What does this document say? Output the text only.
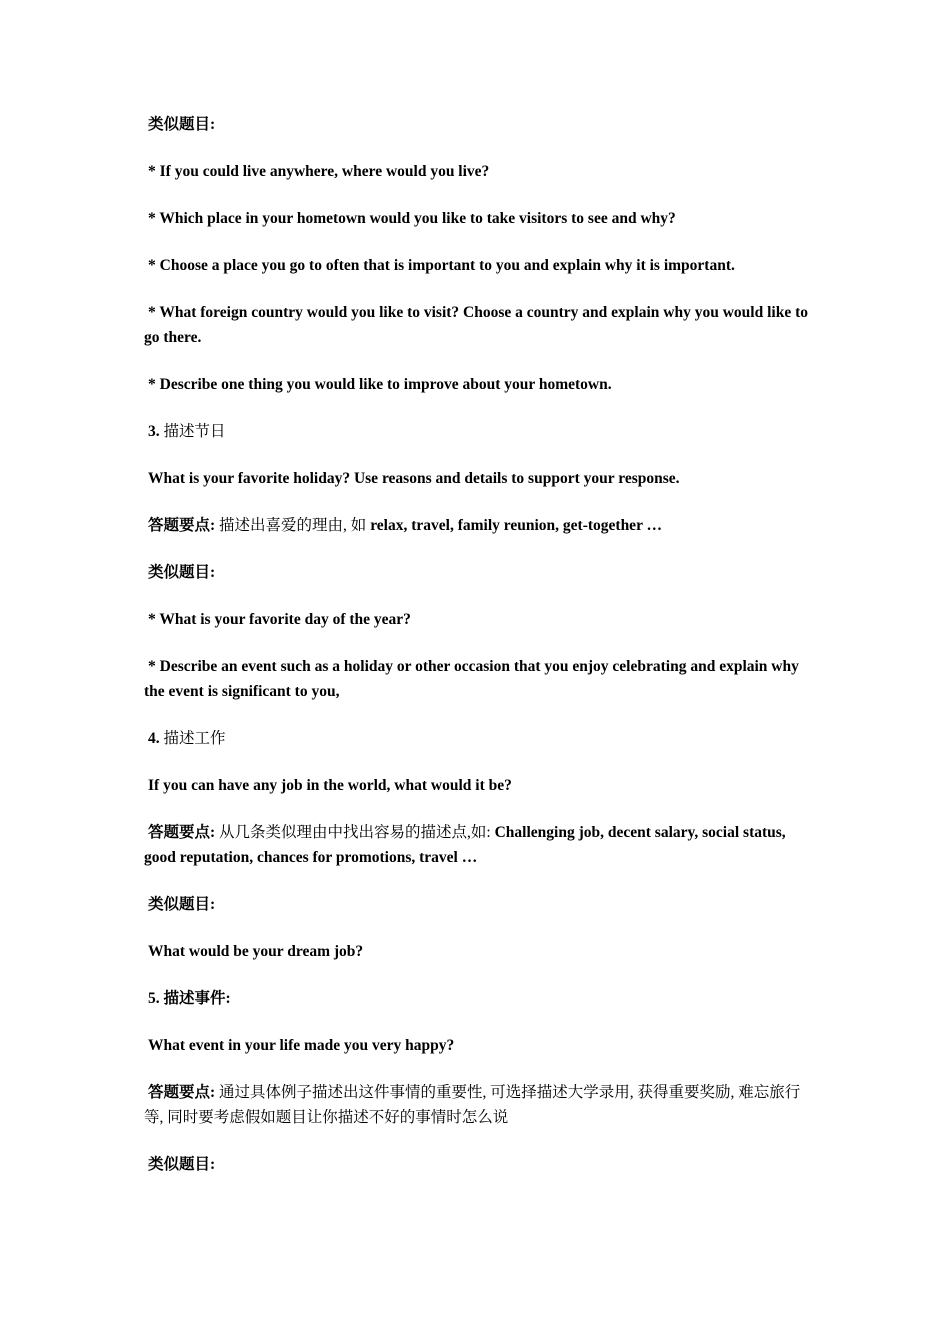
类似题目:

* If you could live anywhere, where would you live?

* Which place in your hometown would you like to take visitors to see and why?

* Choose a place you go to often that is important to you and explain why it is important.

* What foreign country would you like to visit? Choose a country and explain why you would like to go there.

* Describe one thing you would like to improve about your hometown.

3. 描述节日

What is your favorite holiday? Use reasons and details to support your response.

答题要点: 描述出喜爱的理由, 如 relax, travel, family reunion, get-together …

类似题目:

* What is your favorite day of the year?

* Describe an event such as a holiday or other occasion that you enjoy celebrating and explain why the event is significant to you,

4. 描述工作

If you can have any job in the world, what would it be?

答题要点: 从几条类似理由中找出容易的描述点,如: Challenging job, decent salary, social status, good reputation, chances for promotions, travel …

类似题目:

What would be your dream job?

5. 描述事件:

What event in your life made you very happy?

答题要点: 通过具体例子描述出这件事情的重要性, 可选择描述大学录用, 获得重要奖励, 难忘旅行等, 同时要考虑假如题目让你描述不好的事情时怎么说

类似题目:
